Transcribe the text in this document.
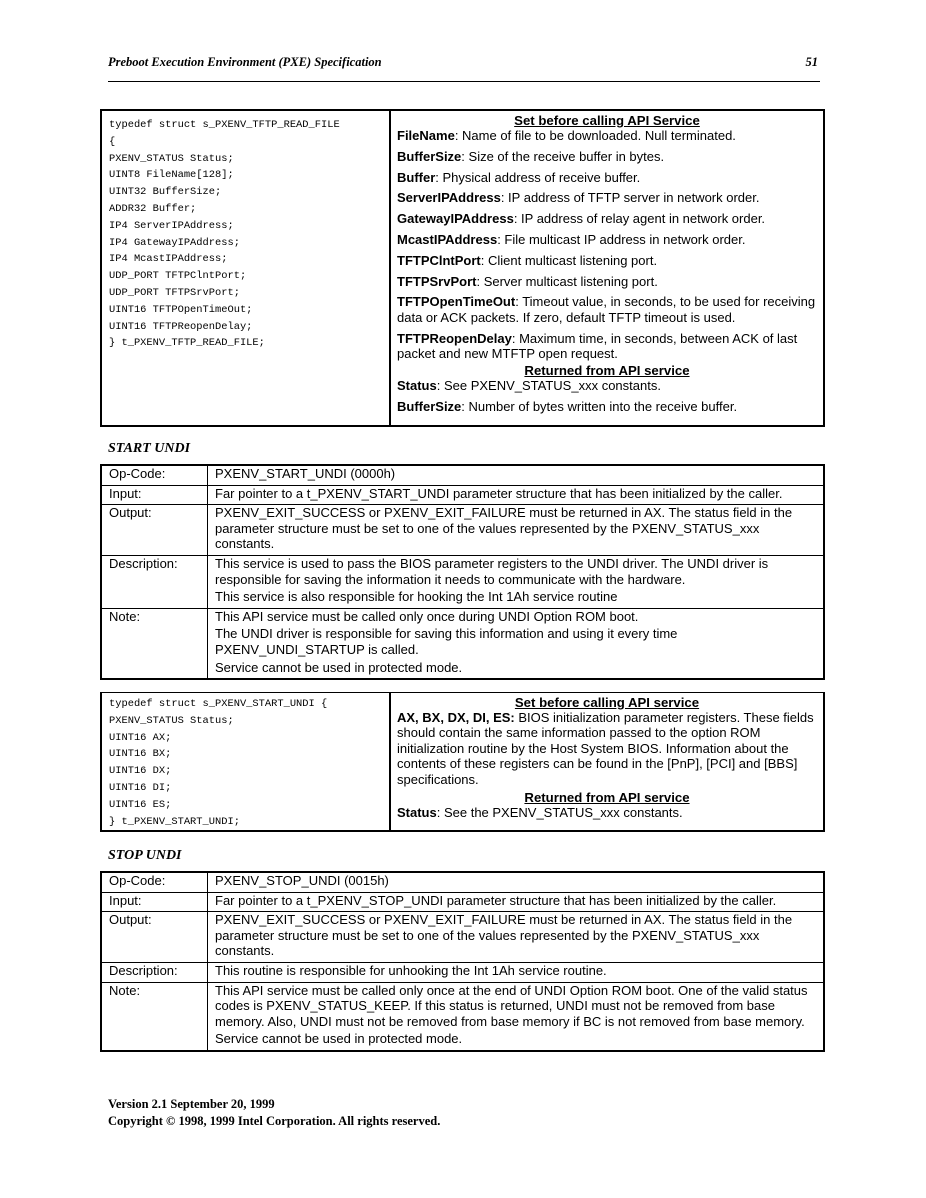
Preboot Execution Environment (PXE) Specification	51
typedef struct s_PXENV_TFTP_READ_FILE
{
PXENV_STATUS Status;
UINT8 FileName[128];
UINT32 BufferSize;
ADDR32 Buffer;
IP4 ServerIPAddress;
IP4 GatewayIPAddress;
IP4 McastIPAddress;
UDP_PORT TFTPClntPort;
UDP_PORT TFTPSrvPort;
UINT16 TFTPOpenTimeOut;
UINT16 TFTPReopenDelay;
} t_PXENV_TFTP_READ_FILE;
Set before calling API Service

FileName: Name of file to be downloaded. Null terminated.

BufferSize: Size of the receive buffer in bytes.

Buffer: Physical address of receive buffer.

ServerIPAddress: IP address of TFTP server in network order.

GatewayIPAddress: IP address of relay agent in network order.

McastIPAddress: File multicast IP address in network order.

TFTPClntPort: Client multicast listening port.

TFTPSrvPort: Server multicast listening port.

TFTPOpenTimeOut: Timeout value, in seconds, to be used for receiving data or ACK packets. If zero, default TFTP timeout is used.

TFTPReopenDelay: Maximum time, in seconds, between ACK of last packet and new MTFTP open request.

Returned from API service

Status: See PXENV_STATUS_xxx constants.

BufferSize: Number of bytes written into the receive buffer.

START UNDI
Op-Code:	PXENV_START_UNDI (0000h)

Input:	Far pointer to a t_PXENV_START_UNDI parameter structure that has been initialized by the caller.

Output:	PXENV_EXIT_SUCCESS or PXENV_EXIT_FAILURE must be returned in AX. The status field in the parameter structure must be set to one of the values represented by the PXENV_STATUS_xxx constants.

Description:	This service is used to pass the BIOS parameter registers to the UNDI driver. The UNDI driver is responsible for saving the information it needs to communicate with the hardware.

This service is also responsible for hooking the Int 1Ah service routine

Note:	This API service must be called only once during UNDI Option ROM boot.

The UNDI driver is responsible for saving this information and using it every time PXENV_UNDI_STARTUP is called.

Service cannot be used in protected mode.

typedef struct s_PXENV_START_UNDI {
PXENV_STATUS Status;
UINT16 AX;
UINT16 BX;
UINT16 DX;
UINT16 DI;
UINT16 ES;
} t_PXENV_START_UNDI;
Set before calling API service

AX, BX, DX, DI, ES: BIOS initialization parameter registers. These fields should contain the same information passed to the option ROM initialization routine by the Host System BIOS. Information about the contents of these registers can be found in the [PnP], [PCI] and [BBS] specifications.

Returned from API service

Status: See the PXENV_STATUS_xxx constants.

STOP UNDI
Op-Code:	PXENV_STOP_UNDI (0015h)

Input:	Far pointer to a t_PXENV_STOP_UNDI parameter structure that has been initialized by the caller.

Output:	PXENV_EXIT_SUCCESS or PXENV_EXIT_FAILURE must be returned in AX. The status field in the parameter structure must be set to one of the values represented by the PXENV_STATUS_xxx constants.

Description:	This routine is responsible for unhooking the Int 1Ah service routine.

Note:	This API service must be called only once at the end of UNDI Option ROM boot. One of the valid status codes is PXENV_STATUS_KEEP. If this status is returned, UNDI must not be removed from base memory. Also, UNDI must not be removed from base memory if BC is not removed from base memory.

Service cannot be used in protected mode.

Version 2.1 September 20, 1999
Copyright © 1998, 1999 Intel Corporation. All rights reserved.
